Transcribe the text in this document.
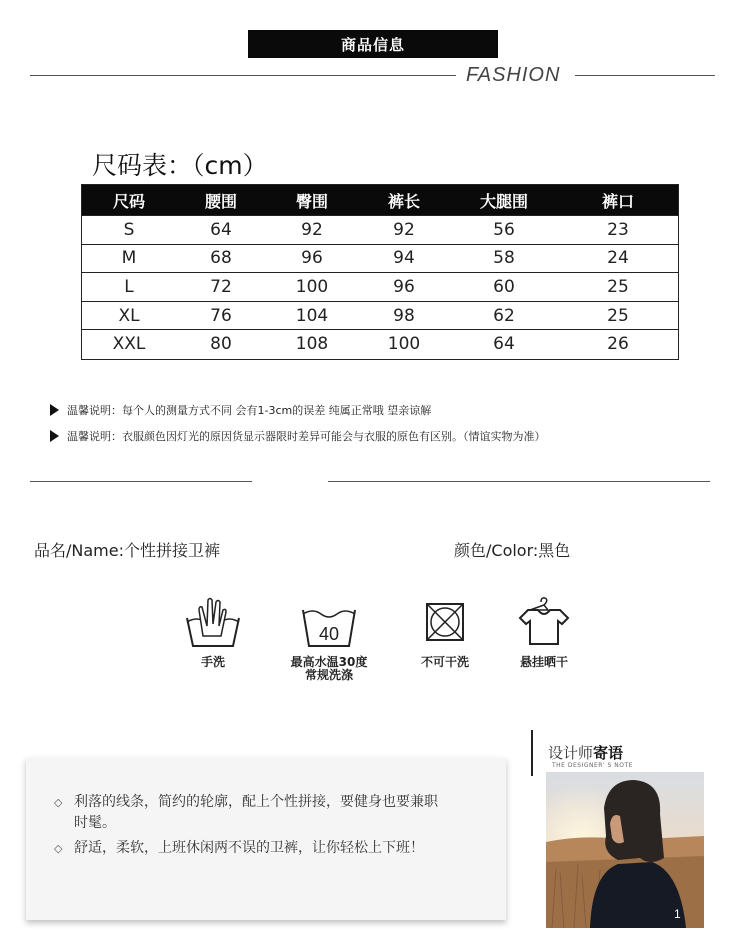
商品信息
FASHION
尺码表：（cm）
尺码	腰围	臀围	裤长	大腿围	裤口
S	64	92	92	56	23
M	68	96	94	58	24
L	72	100	96	60	25
XL	76	104	98	62	25
XXL	80	108	100	64	26
温馨说明：每个人的测量方式不同 会有1-3cm的误差 纯属正常哦 望亲谅解
温馨说明：衣服颜色因灯光的原因货显示器限时差异可能会与衣服的原色有区别。（情谊实物为准）
品名/Name:个性拼接卫裤	颜色/Color:黑色
手洗
40
最高水温30度
常规洗涤
不可干洗	悬挂晒干
◇ 利落的线条，简约的轮廓，配上个性拼接，要健身也要兼职时髦。
◇ 舒适，柔软，上班休闲两不误的卫裤，让你轻松上下班！
设计师寄语
THE DESIGNER' S NOTE
1
